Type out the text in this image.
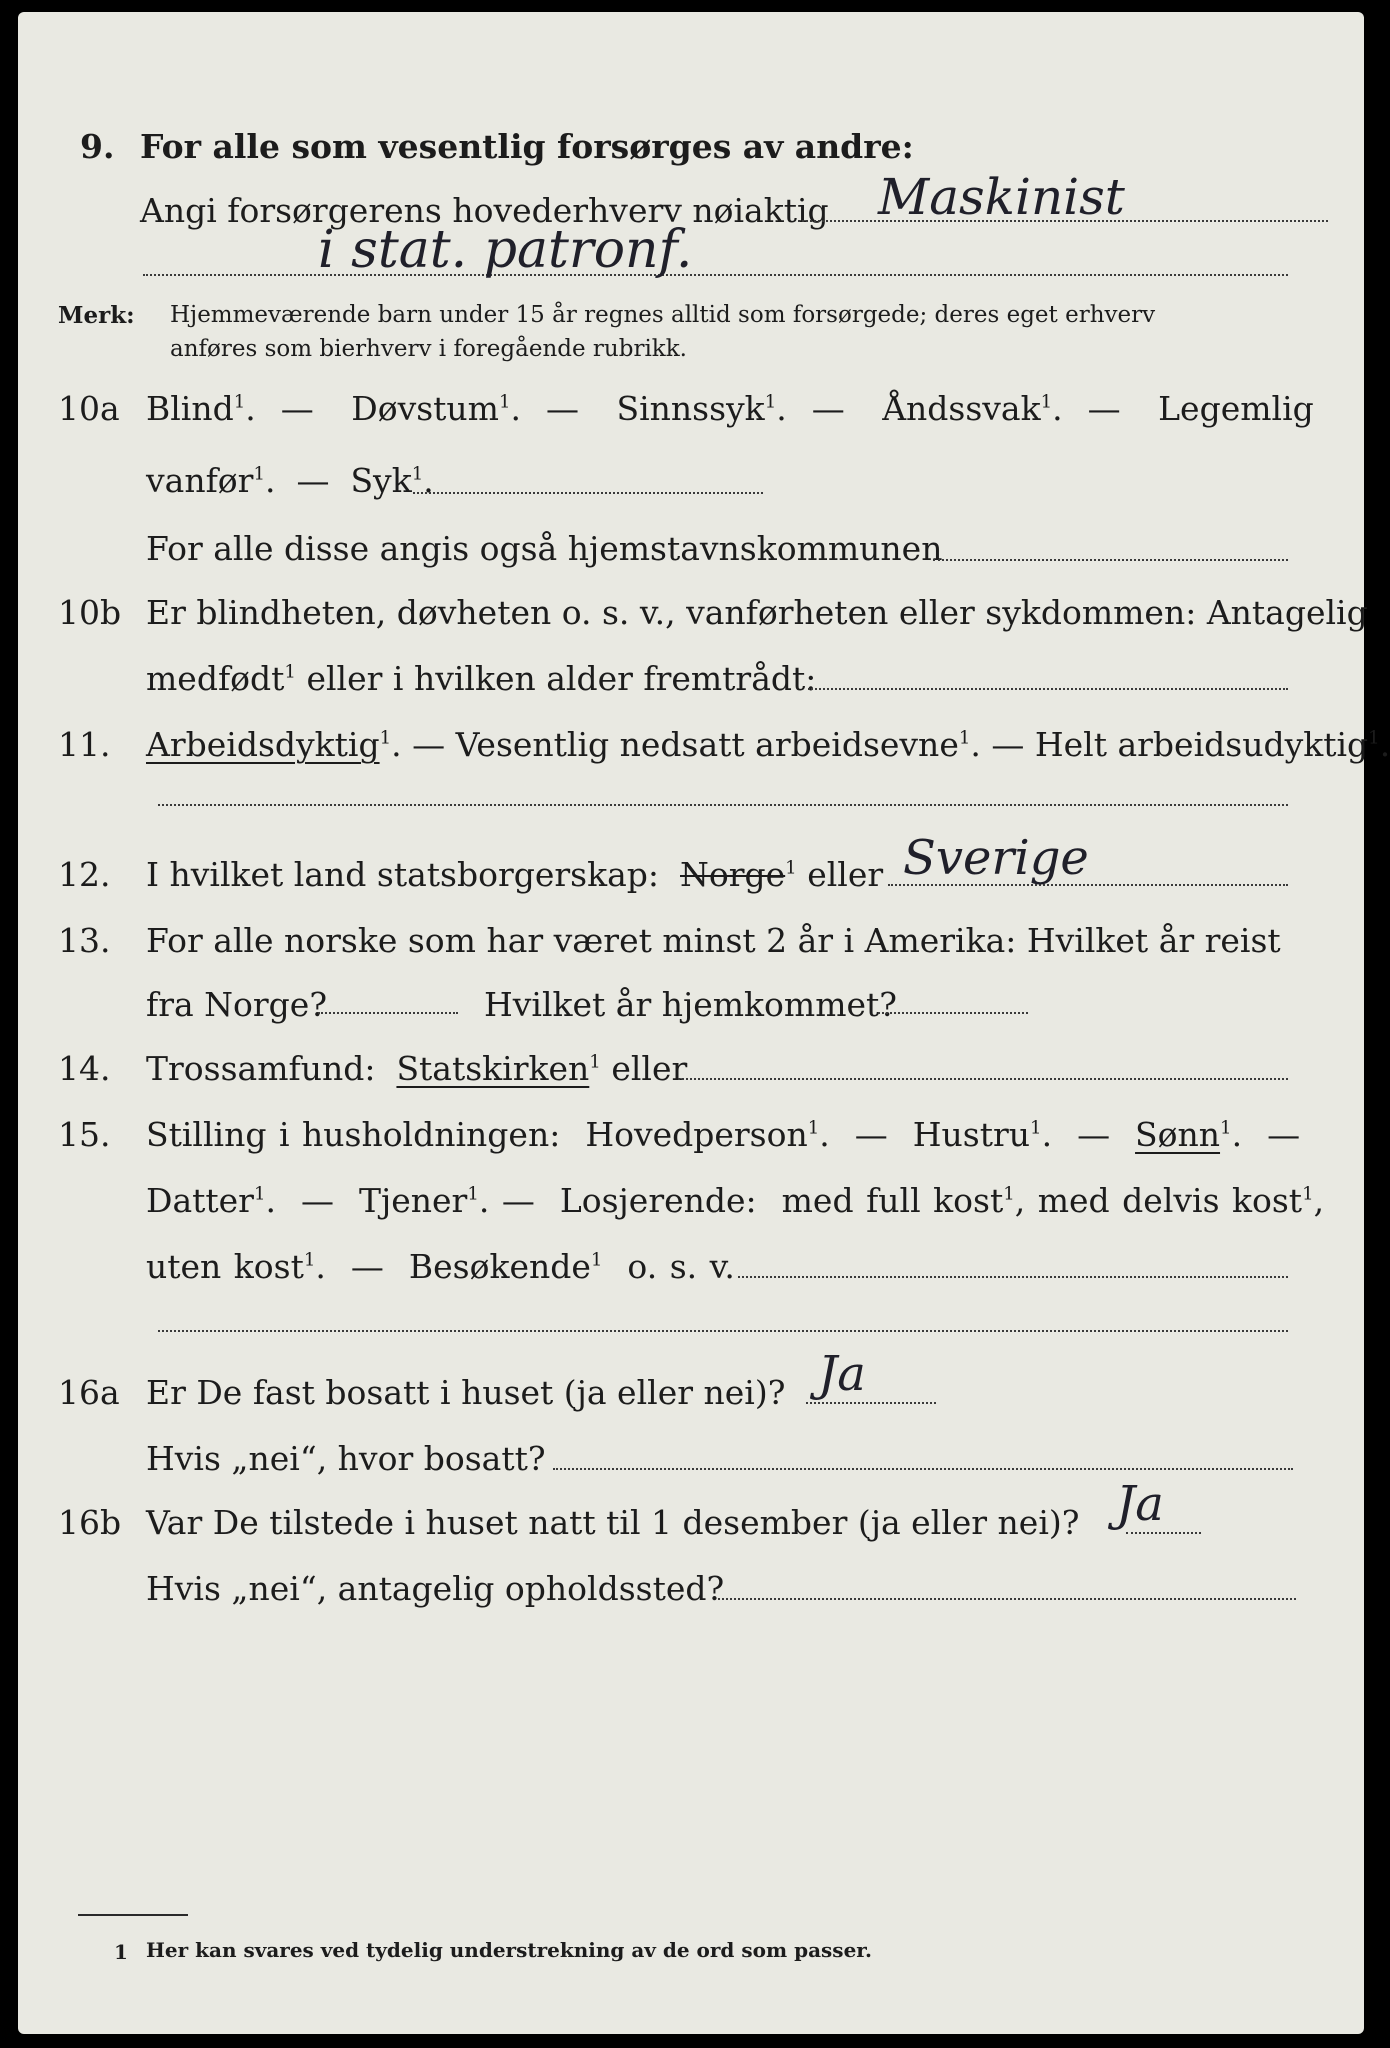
9. For alle som vesentlig forsørges av andre:
Angi forsørgerens hovederhverv nøiaktig Maskinist
i stat. patronf.
Merk: Hjemmeværende barn under 15 år regnes alltid som forsørgede; deres eget erhverv
anføres som bierhverv i foregående rubrikk.
10a Blind$^1$.  — Døvstum$^1$.  — Sinnssyk$^1$.  — Åndssvak$^1$.  — Legemlig
vanfør$^1$.  — Syk$^1$.
For alle disse angis også hjemstavnskommunen
10b Er blindheten, døvheten o. s. v., vanførheten eller sykdommen: Antagelig
medfødt$^1$ eller i hvilken alder fremtrådt:
11. Arbeidsdyktig$^1$. — Vesentlig nedsatt arbeidsevne$^1$. — Helt arbeidsudyktig$^1$.
12. I hvilket land statsborgerskap: Norge$^1$ eller Sverige
13. For alle norske som har været minst 2 år i Amerika: Hvilket år reist
fra Norge?	Hvilket år hjemkommet?
14. Trossamfund: Statskirken$^1$ eller
15. Stilling i husholdningen: Hovedperson$^1$.  — Hustru$^1$.  — Sønn$^1$.  —
Datter$^1$.  — Tjener$^1$. — Losjerende: med full kost$^1$, med delvis kost$^1$,
uten kost$^1$.  — Besøkende$^1$ o. s. v.
16a Er De fast bosatt i huset (ja eller nei)? Ja
Hvis „nei“, hvor bosatt?
16b Var De tilstede i huset natt til 1 desember (ja eller nei)? Ja
Hvis „nei“, antagelig opholdssted?
1 Her kan svares ved tydelig understrekning av de ord som passer.
